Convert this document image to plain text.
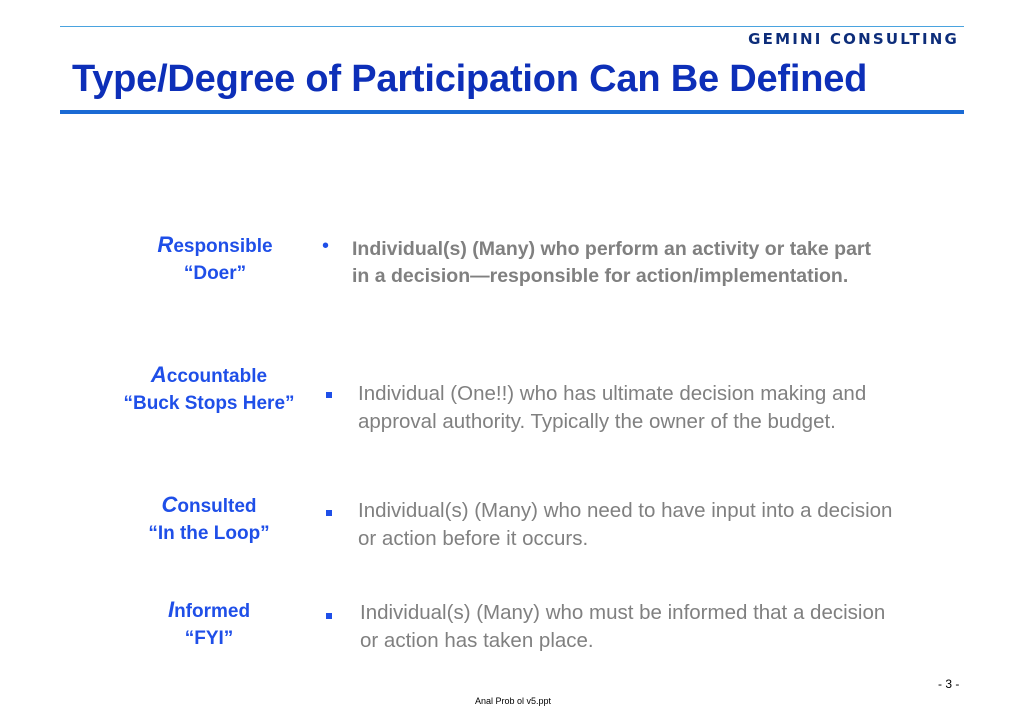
GEMINI CONSULTING
Type/Degree of Participation Can Be Defined
Responsible
“Doer”
• Individual(s) (Many) who perform an activity or take part
in a decision—responsible for action/implementation.
Accountable
“Buck Stops Here”	Individual (One!!) who has ultimate decision making and
approval authority. Typically the owner of the budget.
Consulted
“In the Loop”
Individual(s) (Many) who need to have input into a decision
or action before it occurs.
Informed
“FYI”
Individual(s) (Many) who must be informed that a decision
or action has taken place.
- 3 -
Anal Prob ol v5.ppt
